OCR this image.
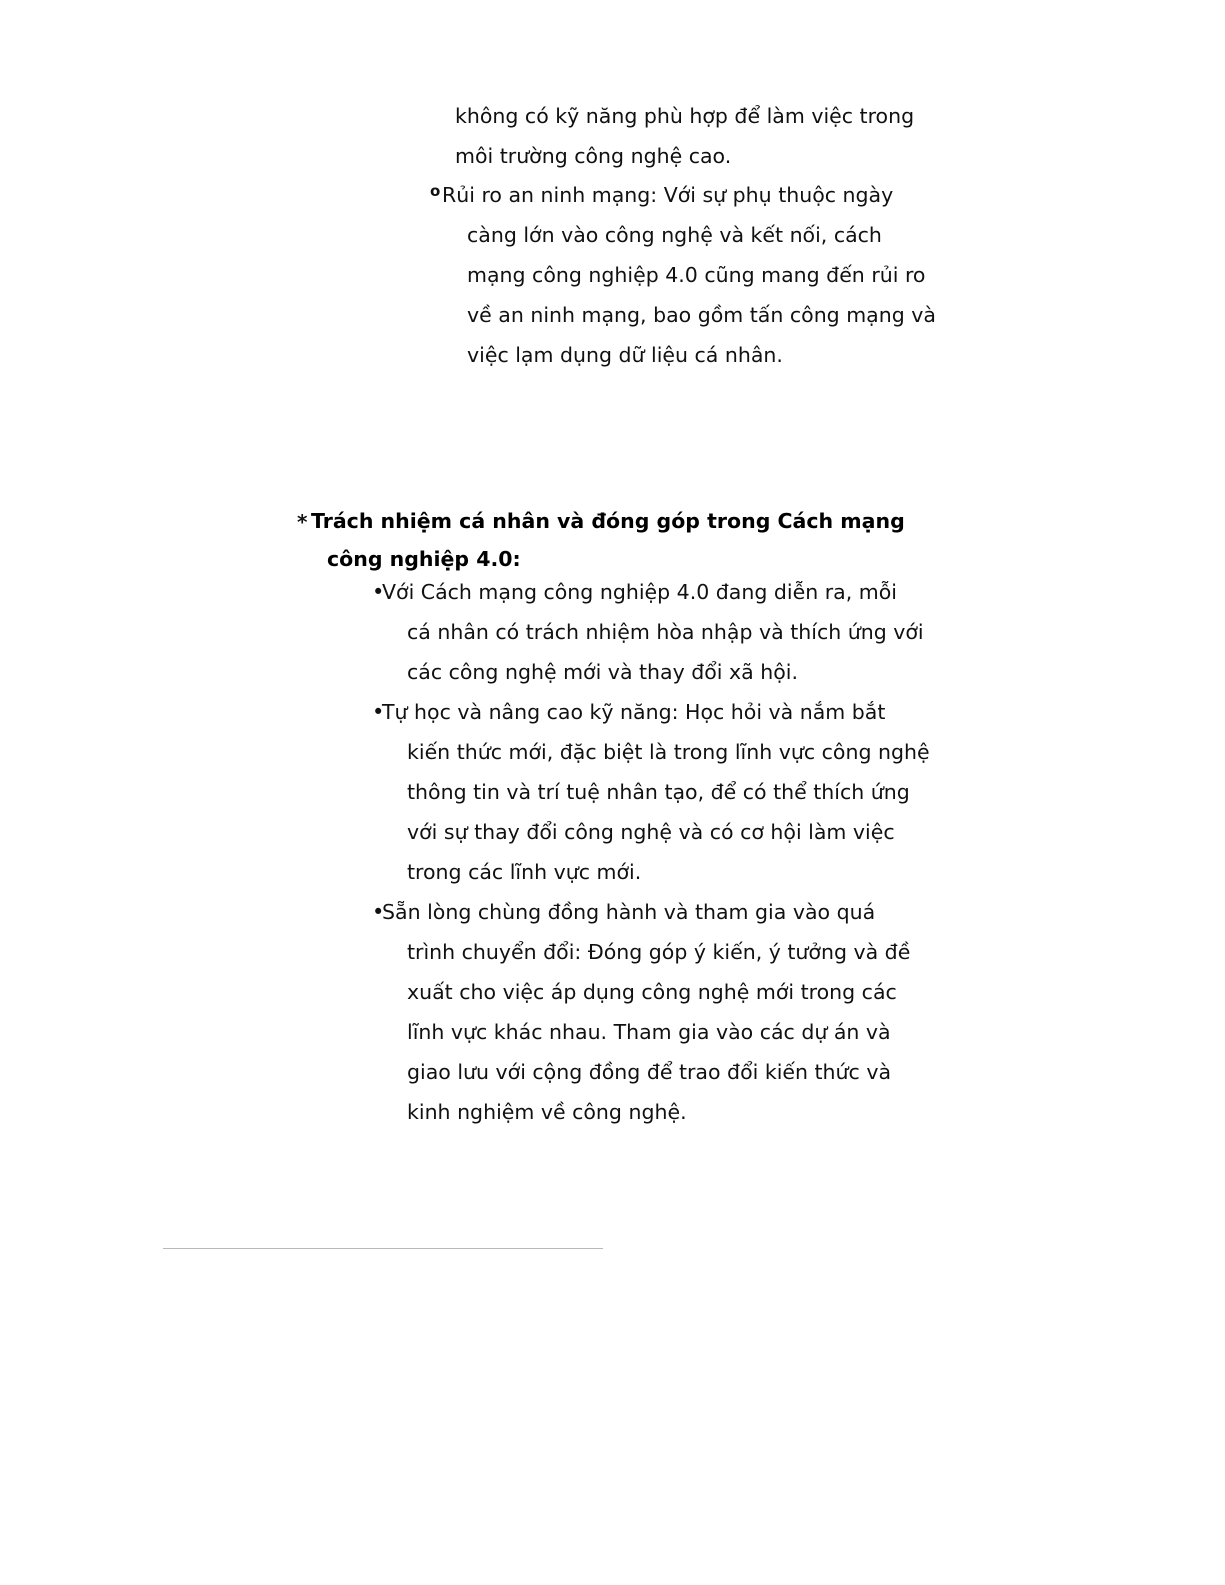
không có kỹ năng phù hợp để làm việc trong
môi trường công nghệ cao.
o Rủi ro an ninh mạng: Với sự phụ thuộc ngày
càng lớn vào công nghệ và kết nối, cách
mạng công nghiệp 4.0 cũng mang đến rủi ro
về an ninh mạng, bao gồm tấn công mạng và
việc lạm dụng dữ liệu cá nhân.
* Trách nhiệm cá nhân và đóng góp trong Cách mạng
công nghiệp 4.0:
•
Với Cách mạng công nghiệp 4.0 đang diễn ra, mỗi
cá nhân có trách nhiệm hòa nhập và thích ứng với
các công nghệ mới và thay đổi xã hội.
•
Tự học và nâng cao kỹ năng: Học hỏi và nắm bắt
kiến thức mới, đặc biệt là trong lĩnh vực công nghệ
thông tin và trí tuệ nhân tạo, để có thể thích ứng
với sự thay đổi công nghệ và có cơ hội làm việc
trong các lĩnh vực mới.
•
Sẵn lòng chùng đồng hành và tham gia vào quá
trình chuyển đổi: Đóng góp ý kiến, ý tưởng và đề
xuất cho việc áp dụng công nghệ mới trong các
lĩnh vực khác nhau. Tham gia vào các dự án và
giao lưu với cộng đồng để trao đổi kiến thức và
kinh nghiệm về công nghệ.
